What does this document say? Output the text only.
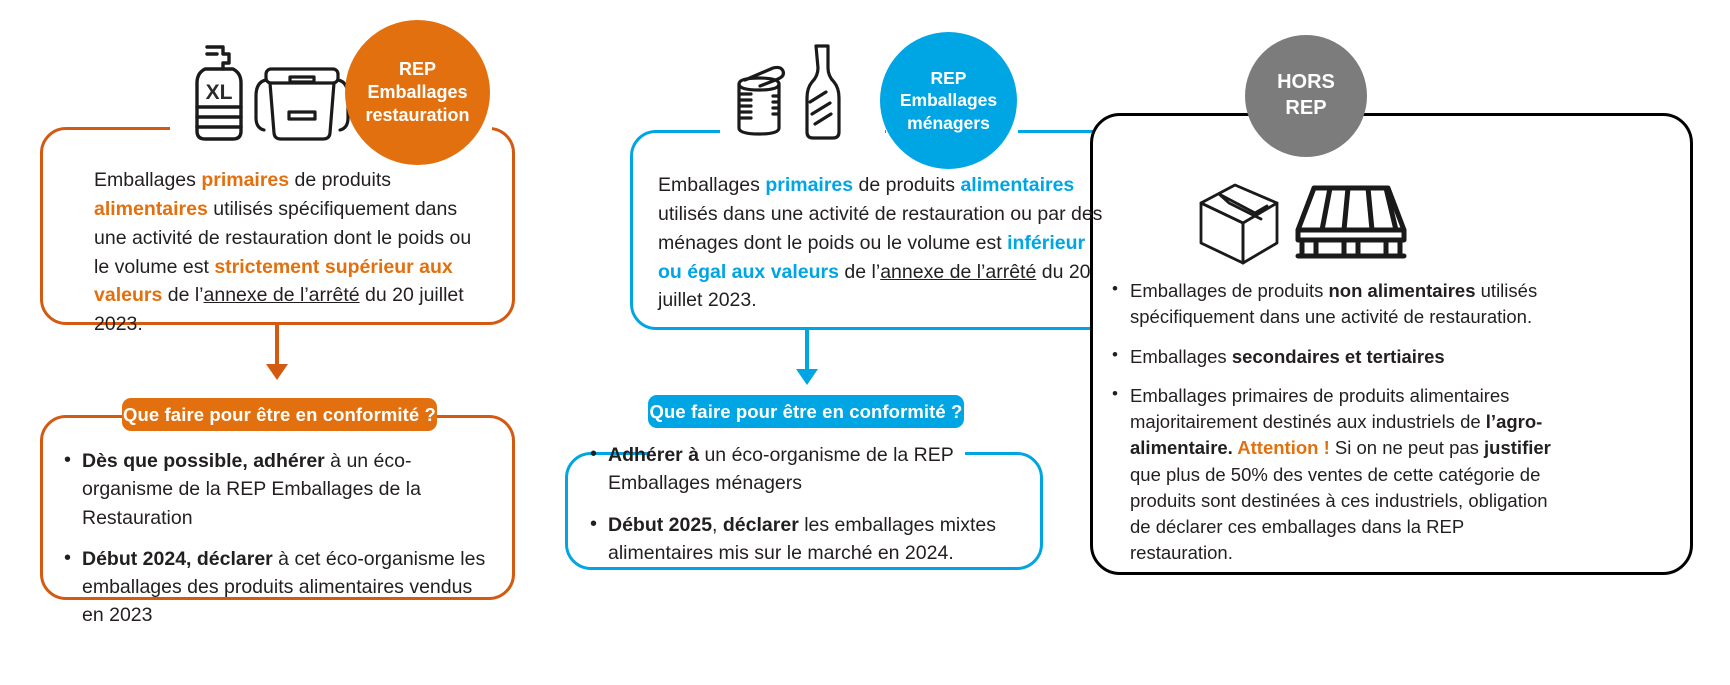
XL
REP
Emballages
restauration
Emballages primaires de produits alimentaires utilisés spécifiquement dans une activité de restauration dont le poids ou le volume est strictement supérieur aux valeurs de l’annexe de l’arrêté du 20 juillet 2023.
Que faire pour être en conformité ?
• Dès que possible, adhérer à un éco-organisme de la REP Emballages de la Restauration
• Début 2024, déclarer à cet éco-organisme les emballages des produits alimentaires vendus en 2023
REP
Emballages
ménagers
Emballages primaires de produits alimentaires utilisés dans une activité de restauration ou par des ménages dont le poids ou le volume est inférieur ou égal aux valeurs de l’annexe de l’arrêté du 20 juillet 2023.
Que faire pour être en conformité ?
• Adhérer à un éco-organisme de la REP Emballages ménagers
• Début 2025, déclarer les emballages mixtes alimentaires mis sur le marché en 2024.
HORS
REP
• Emballages de produits non alimentaires utilisés spécifiquement dans une activité de restauration.
• Emballages secondaires et tertiaires
• Emballages primaires de produits alimentaires majoritairement destinés aux industriels de l’agro-alimentaire. Attention ! Si on ne peut pas justifier que plus de 50% des ventes de cette catégorie de produits sont destinées à ces industriels, obligation de déclarer ces emballages dans la REP restauration.
